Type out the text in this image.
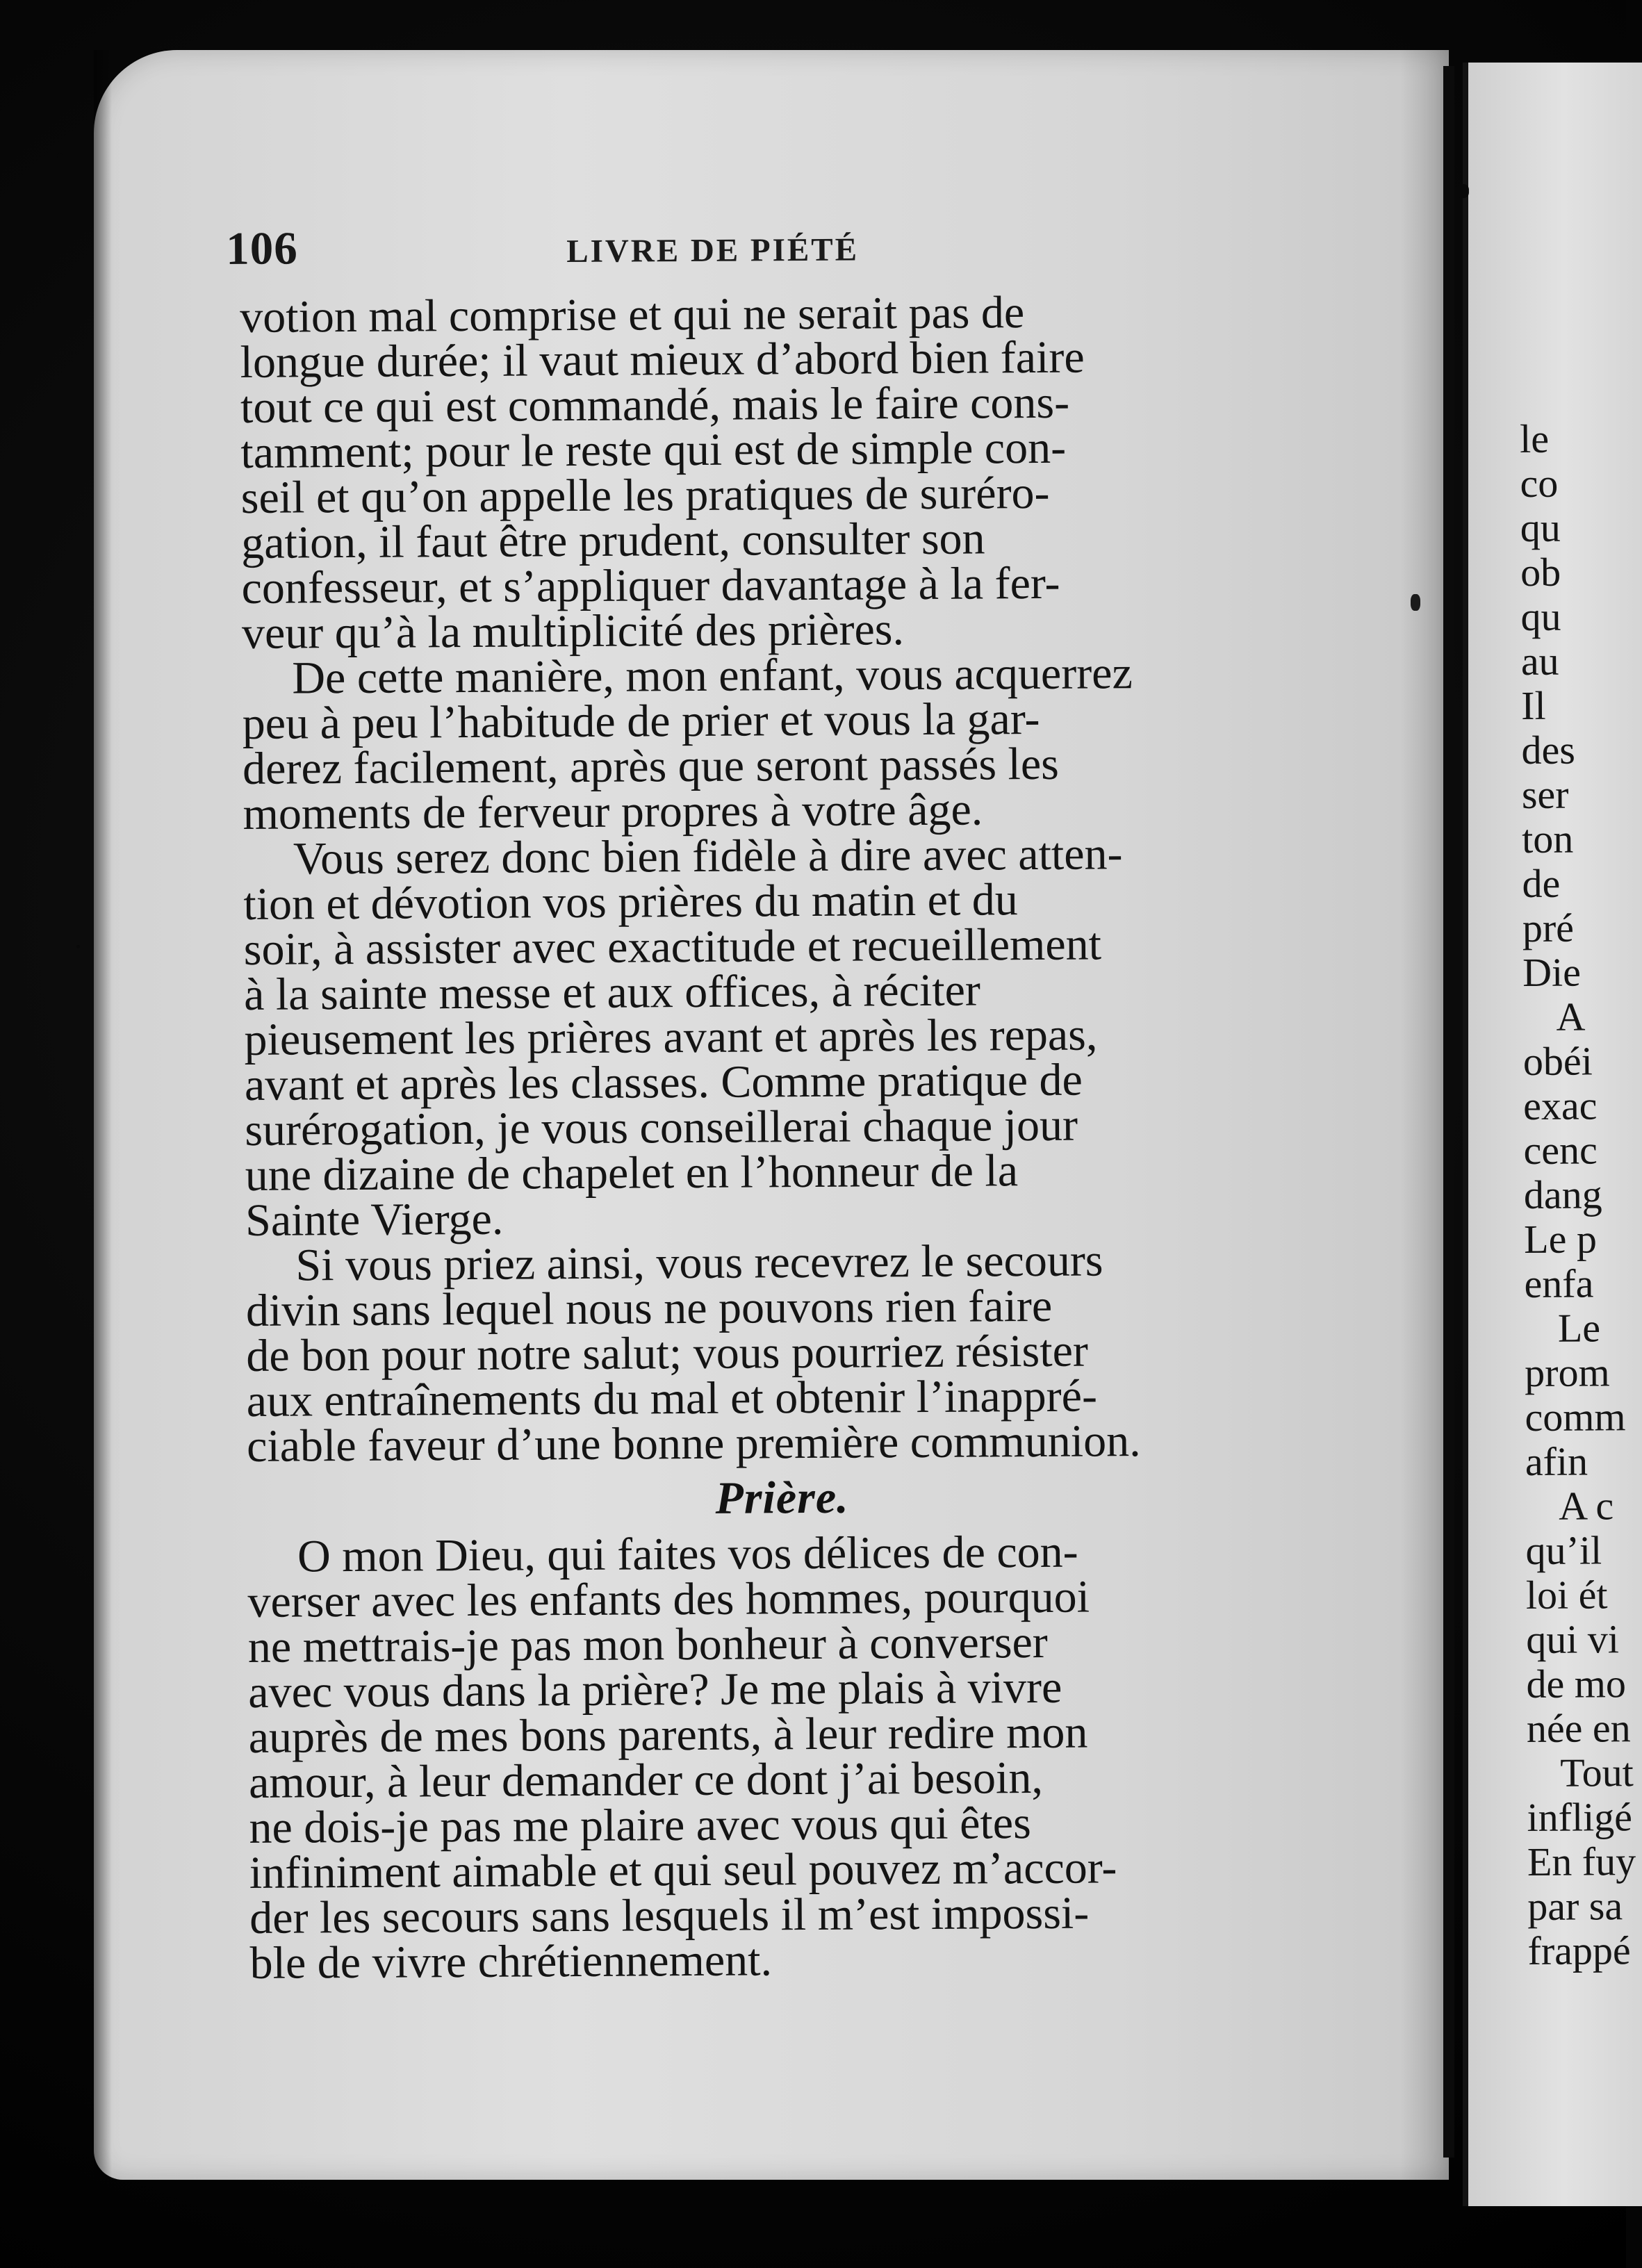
106	LIVRE DE PIÉTÉ
votion mal comprise et qui ne serait pas de
longue durée; il vaut mieux d’abord bien faire
tout ce qui est commandé, mais le faire cons-
tamment; pour le reste qui est de simple con-
seil et qu’on appelle les pratiques de surérо-
gation, il faut être prudent, consulter son
confesseur, et s’appliquer davantage à la fer-
veur qu’à la multiplicité des prières.
De cette manière, mon enfant, vous acquerrez
peu à peu l’habitude de prier et vous la gar-
derez facilement, après que seront passés les
moments de ferveur propres à votre âge.
Vous serez donc bien fidèle à dire avec atten-
tion et dévotion vos prières du matin et du
soir, à assister avec exactitude et recueillement
à la sainte messe et aux offices, à réciter
pieusement les prières avant et après les repas,
avant et après les classes. Comme pratique de
surérogation, je vous conseillerai chaque jour
une dizaine de chapelet en l’honneur de la
Sainte Vierge.
Si vous priez ainsi, vous recevrez le secours
divin sans lequel nous ne pouvons rien faire
de bon pour notre salut; vous pourriez résister
aux entraînements du mal et obtenir l’inappré-
ciable faveur d’une bonne première communion.
Prière.
O mon Dieu, qui faites vos délices de con-
verser avec les enfants des hommes, pourquoi
ne mettrais-je pas mon bonheur à converser
avec vous dans la prière? Je me plais à vivre
auprès de mes bons parents, à leur redire mon
amour, à leur demander ce dont j’ai besoin,
ne dois-je pas me plaire avec vous qui êtes
infiniment aimable et qui seul pouvez m’accor-
der les secours sans lesquels il m’est impossi-
ble de vivre chrétiennement.
le
co
qu
ob
qu
au
Il
des
ser
ton
de
pré
Die
A
obéi
exac
cenc
dang
Le p
enfa
Le
prom
comm
afin
A c
qu’il
loi ét
qui vi
de mo
née en
Tout
infligé
En fuy
par sa
frappé
